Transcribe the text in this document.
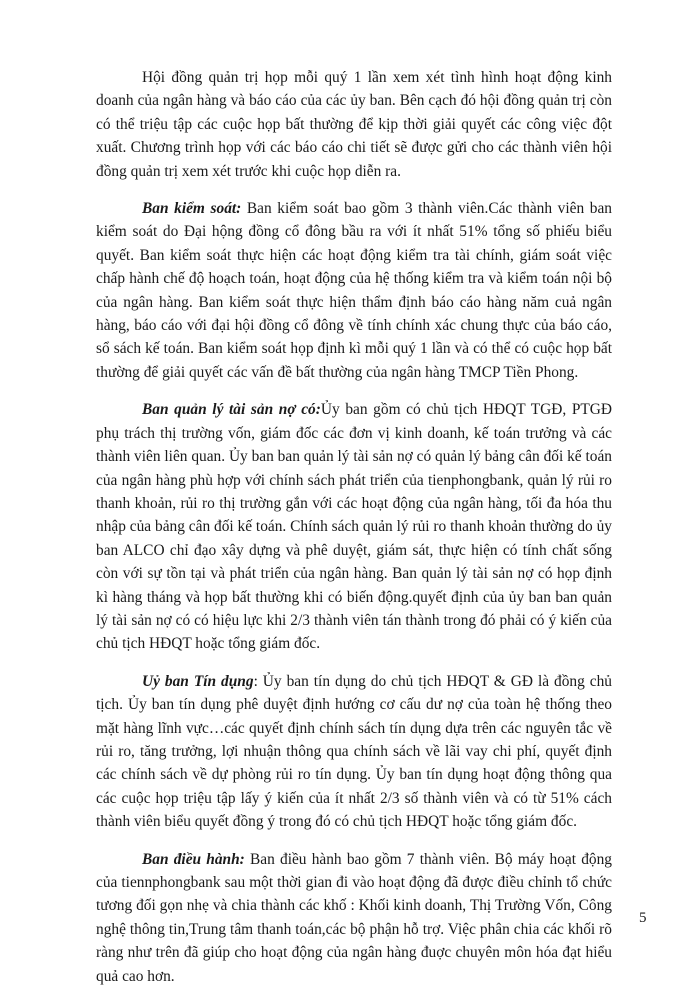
Hội đồng quản trị họp mỗi quý 1 lần xem xét tình hình hoạt động kinh doanh của ngân hàng và báo cáo của các ủy ban. Bên cạch đó hội đồng quản trị còn có thể triệu tập các cuộc họp bất thường để kịp thời giải quyết các công việc đột xuất. Chương trình họp với các báo cáo chi tiết sẽ được gửi cho các thành viên hội đồng quản trị xem xét trước khi cuộc họp diễn ra.

Ban kiểm soát: Ban kiểm soát bao gồm 3 thành viên.Các thành viên ban kiểm soát do Đại hộng đồng cổ đông bầu ra với ít nhất 51% tổng số phiếu biểu quyết. Ban kiểm soát thực hiện các hoạt động kiểm tra tài chính, giám soát việc chấp hành chế độ hoạch toán, hoạt động của hệ thống kiểm tra và kiểm toán nội bộ của ngân hàng. Ban kiểm soát thực hiện thẩm định báo cáo hàng năm cuả ngân hàng, báo cáo với đại hội đồng cổ đông về tính chính xác chung thực của báo cáo, sổ sách kế toán. Ban kiểm soát họp định kì mỗi quý 1 lần và có thể có cuộc họp bất thường để giải quyết các vấn đề bất thường của ngân hàng TMCP Tiền Phong.

Ban quản lý tài sản nợ có:Ủy ban gồm có chủ tịch HĐQT TGĐ, PTGĐ phụ trách thị trường vốn, giám đốc các đơn vị kinh doanh, kế toán trưởng và các thành viên liên quan. Ủy ban ban quản lý tài sản nợ có quản lý bảng cân đối kế toán của ngân hàng phù hợp với chính sách phát triển của tienphongbank, quản lý rủi ro thanh khoản, rủi ro thị trường gắn với các hoạt động của ngân hàng, tối đa hóa thu nhập của bảng cân đối kế toán. Chính sách quản lý rủi ro thanh khoản thường do ủy ban ALCO chỉ đạo xây dựng và phê duyệt, giám sát, thực hiện có tính chất sống còn với sự tồn tại và phát triển của ngân hàng. Ban quản lý tài sản nợ có họp định kì hàng tháng và họp bất thường khi có biến động.quyết định của ủy ban ban quản lý tài sản nợ có có hiệu lực khi 2/3 thành viên tán thành trong đó phải có ý kiến của chủ tịch HĐQT hoặc tổng giám đốc.

Uỷ ban Tín dụng: Ủy ban tín dụng do chủ tịch HĐQT & GĐ là đồng chủ tịch. Ủy ban tín dụng phê duyệt định hướng cơ cấu dư nợ của toàn hệ thống theo mặt hàng lĩnh vực…các quyết định chính sách tín dụng dựa trên các nguyên tắc về rủi ro, tăng trưởng, lợi nhuận thông qua chính sách về lãi vay chi phí, quyết định các chính sách về dự phòng rủi ro tín dụng. Ủy ban tín dụng hoạt động thông qua các cuộc họp triệu tập lấy ý kiến của ít nhất 2/3 số thành viên và có từ 51% cách thành viên biểu quyết đồng ý trong đó có chủ tịch HĐQT hoặc tổng giám đốc.

Ban điều hành: Ban điều hành bao gồm 7 thành viên. Bộ máy hoạt động của tiennphongbank sau một thời gian đi vào hoạt động đã được điều chỉnh tổ chức tương đối gọn nhẹ và chia thành các khố : Khối kinh doanh, Thị Trường Vốn, Công nghệ thông tin,Trung tâm thanh toán,các bộ phận hỗ trợ. Việc phân chia các khối rõ ràng như trên đã giúp cho hoạt động của ngân hàng đuợc chuyên môn hóa đạt hiểu quả cao hơn.

5
